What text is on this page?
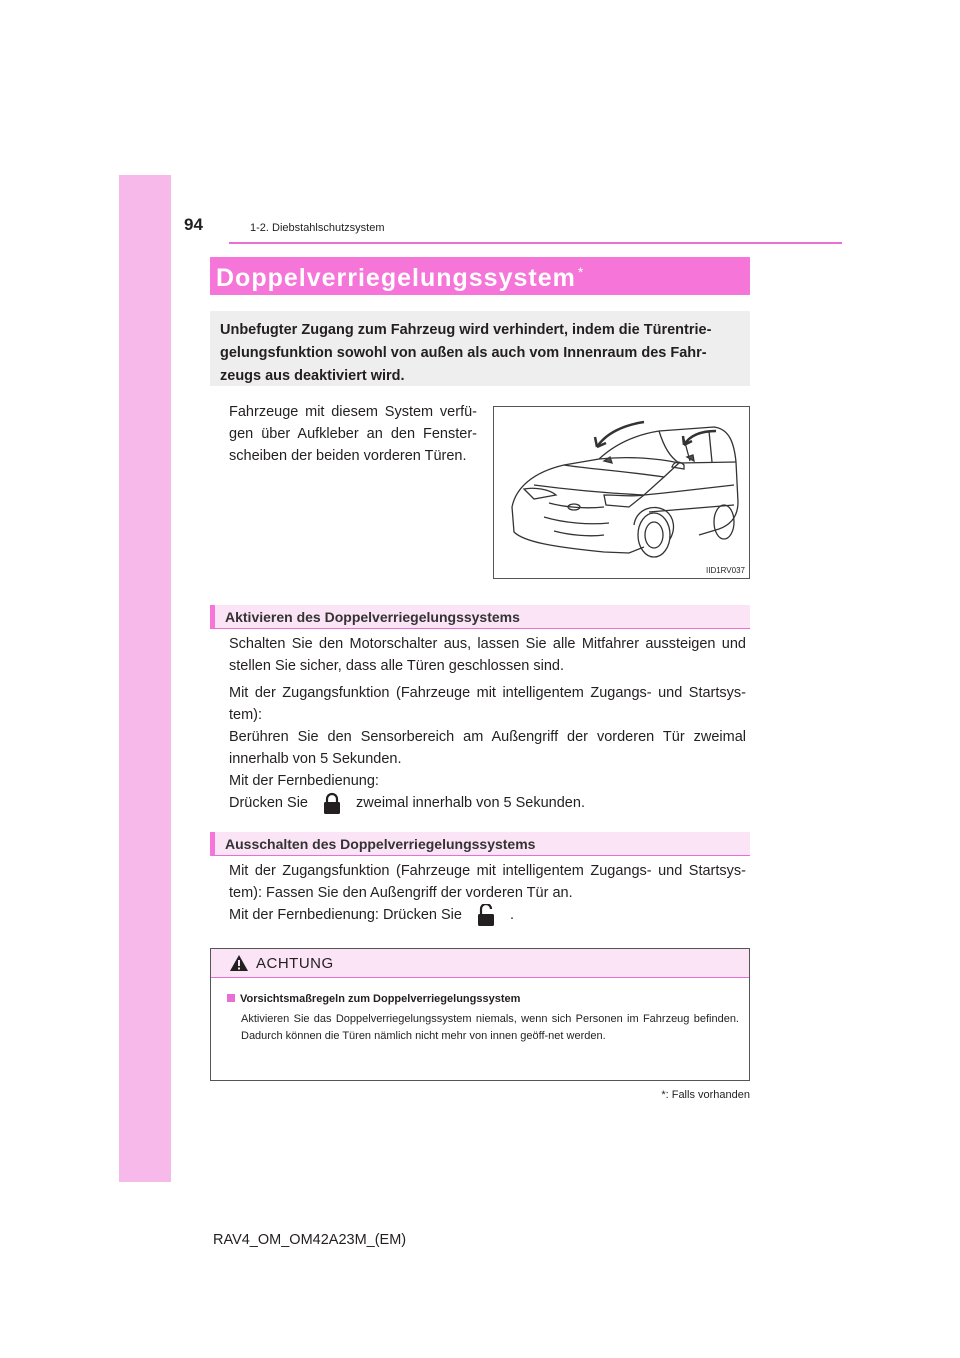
94	1-2. Diebstahlschutzsystem
Doppelverriegelungssystem *
Unbefugter Zugang zum Fahrzeug wird verhindert, indem die Türentrie-gelungsfunktion sowohl von außen als auch vom Innenraum des Fahr-zeugs aus deaktiviert wird.
Fahrzeuge mit diesem System verfü-gen über Aufkleber an den Fenster-scheiben der beiden vorderen Türen.
IID1RV037
Aktivieren des Doppelverriegelungssystems
Schalten Sie den Motorschalter aus, lassen Sie alle Mitfahrer aussteigen und stellen Sie sicher, dass alle Türen geschlossen sind.
Mit der Zugangsfunktion (Fahrzeuge mit intelligentem Zugangs- und Startsys-tem):
Berühren Sie den Sensorbereich am Außengriff der vorderen Tür zweimal innerhalb von 5 Sekunden.
Mit der Fernbedienung:
Drücken Sie	zweimal innerhalb von 5 Sekunden.
Ausschalten des Doppelverriegelungssystems
Mit der Zugangsfunktion (Fahrzeuge mit intelligentem Zugangs- und Startsys-tem): Fassen Sie den Außengriff der vorderen Tür an.
Mit der Fernbedienung: Drücken Sie	.
ACHTUNG
Vorsichtsmaßregeln zum Doppelverriegelungssystem
Aktivieren Sie das Doppelverriegelungssystem niemals, wenn sich Personen im Fahrzeug befinden. Dadurch können die Türen nämlich nicht mehr von innen geöff-net werden.
*: Falls vorhanden
RAV4_OM_OM42A23M_(EM)
